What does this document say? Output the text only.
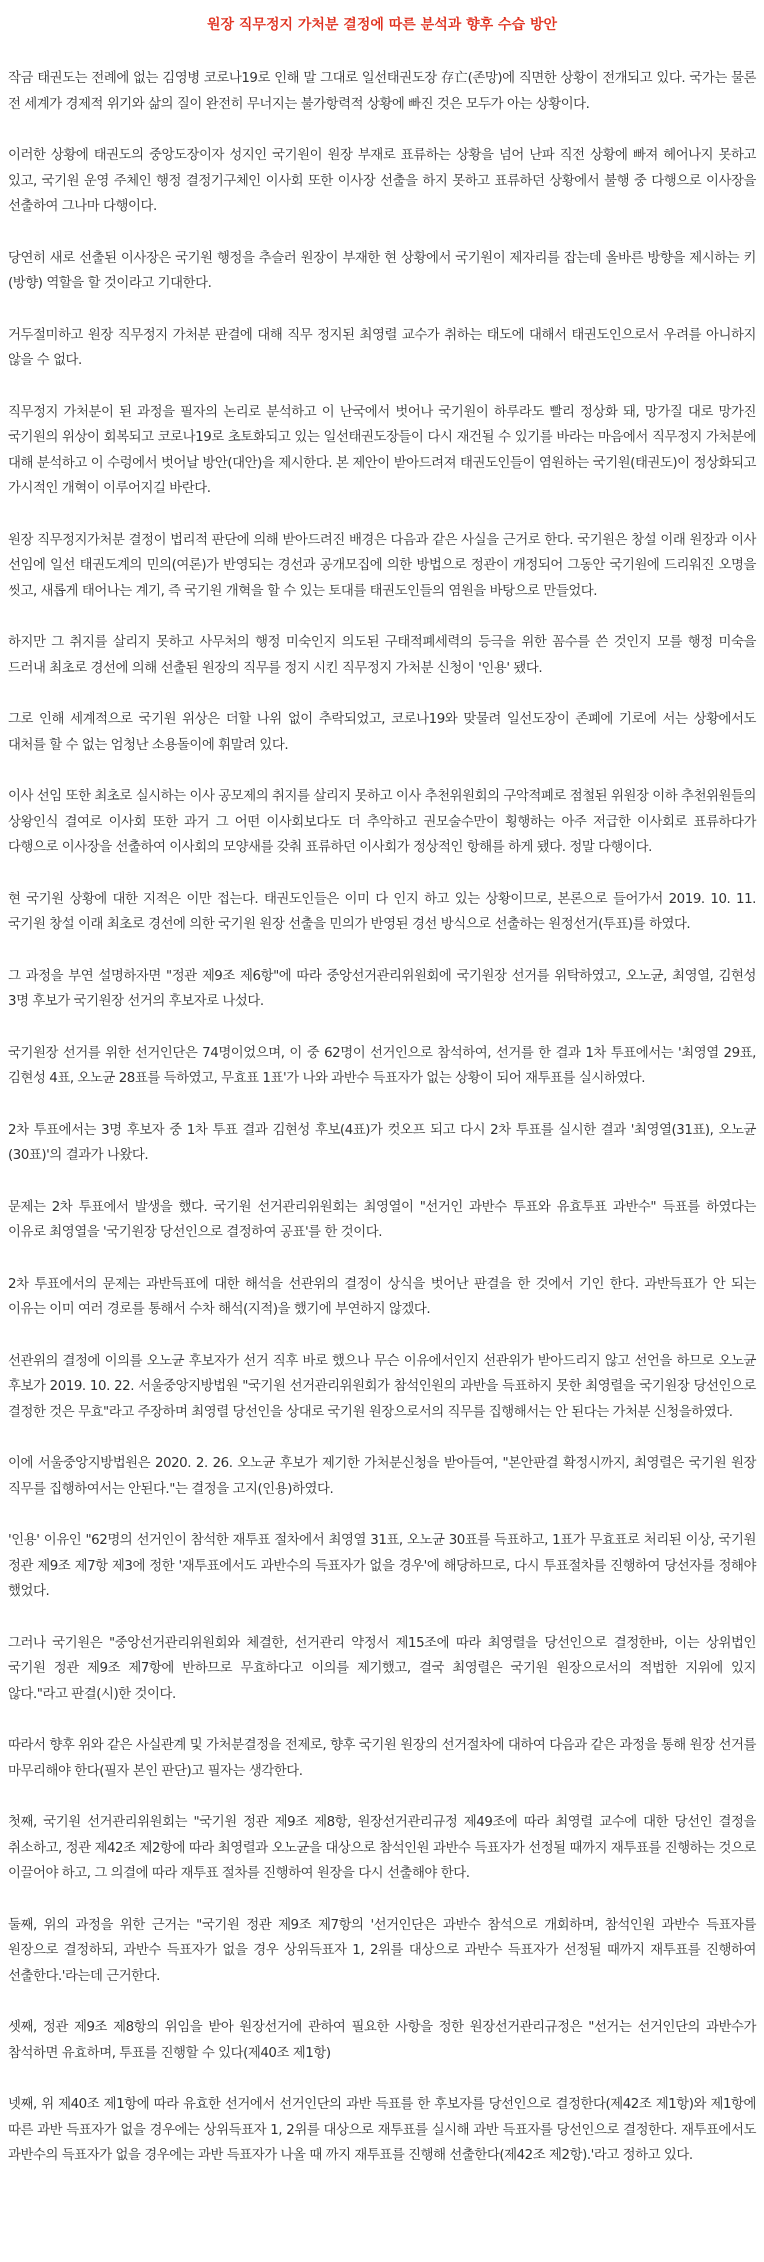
원장 직무정지 가처분 결정에 따른 분석과 향후 수습 방안

작금 태권도는 전례에 없는 김영병 코로나19로 인해 말 그대로 일선태권도장 存亡(존망)에 직면한 상황이 전개되고 있다. 국가는 물론 전 세계가 경제적 위기와 삶의 질이 완전히 무너지는 불가항력적 상황에 빠진 것은 모두가 아는 상황이다.

이러한 상황에 태권도의 중앙도장이자 성지인 국기원이 원장 부재로 표류하는 상황을 넘어 난파 직전 상황에 빠져 헤어나지 못하고 있고, 국기원 운영 주체인 행정 결정기구체인 이사회 또한 이사장 선출을 하지 못하고 표류하던 상황에서 불행 중 다행으로 이사장을 선출하여 그나마 다행이다.

당연히 새로 선출된 이사장은 국기원 행정을 추슬러 원장이 부재한 현 상황에서 국기원이 제자리를 잡는데 올바른 방향을 제시하는 키(방향) 역할을 할 것이라고 기대한다.

거두절미하고 원장 직무정지 가처분 판결에 대해 직무 정지된 최영렬 교수가 취하는 태도에 대해서 태권도인으로서 우려를 아니하지 않을 수 없다.

직무정지 가처분이 된 과정을 필자의 논리로 분석하고 이 난국에서 벗어나 국기원이 하루라도 빨리 정상화 돼, 망가질 대로 망가진 국기원의 위상이 회복되고 코로나19로 초토화되고 있는 일선태권도장들이 다시 재건될 수 있기를 바라는 마음에서 직무정지 가처분에 대해 분석하고 이 수렁에서 벗어날 방안(대안)을 제시한다. 본 제안이 받아드려져 태권도인들이 염원하는 국기원(태권도)이 정상화되고 가시적인 개혁이 이루어지길 바란다.

원장 직무정지가처분 결정이 법리적 판단에 의해 받아드려진 배경은 다음과 같은 사실을 근거로 한다. 국기원은 창설 이래 원장과 이사 선임에 일선 태권도계의 민의(여론)가 반영되는 경선과 공개모집에 의한 방법으로 정관이 개정되어 그동안 국기원에 드리워진 오명을 씻고, 새롭게 태어나는 계기, 즉 국기원 개혁을 할 수 있는 토대를 태권도인들의 염원을 바탕으로 만들었다.

하지만 그 취지를 살리지 못하고 사무처의 행정 미숙인지 의도된 구태적폐세력의 등극을 위한 꼼수를 쓴 것인지 모를 행정 미숙을 드러내 최초로 경선에 의해 선출된 원장의 직무를 정지 시킨 직무정지 가처분 신청이 '인용' 됐다.

그로 인해 세계적으로 국기원 위상은 더할 나위 없이 추락되었고, 코로나19와 맞물려 일선도장이 존폐에 기로에 서는 상황에서도 대처를 할 수 없는 엄청난 소용돌이에 휘말려 있다.

이사 선임 또한 최초로 실시하는 이사 공모제의 취지를 살리지 못하고 이사 추천위원회의 구악적폐로 점철된 위원장 이하 추천위원들의 상왕인식 결여로 이사회 또한 과거 그 어떤 이사회보다도 더 추악하고 권모술수만이 횡행하는 아주 저급한 이사회로 표류하다가 다행으로 이사장을 선출하여 이사회의 모양새를 갖춰 표류하던 이사회가 정상적인 항해를 하게 됐다. 정말 다행이다.

현 국기원 상황에 대한 지적은 이만 접는다. 태권도인들은 이미 다 인지 하고 있는 상황이므로, 본론으로 들어가서 2019. 10. 11. 국기원 창설 이래 최초로 경선에 의한 국기원 원장 선출을 민의가 반영된 경선 방식으로 선출하는 원정선거(투표)를 하였다.

그 과정을 부연 설명하자면 "정관 제9조 제6항"에 따라 중앙선거관리위원회에 국기원장 선거를 위탁하였고, 오노균, 최영열, 김현성 3명 후보가 국기원장 선거의 후보자로 나섰다.

국기원장 선거를 위한 선거인단은 74명이었으며, 이 중 62명이 선거인으로 참석하여, 선거를 한 결과 1차 투표에서는 '최영열 29표, 김현성 4표, 오노균 28표를 득하였고, 무효표 1표'가 나와 과반수 득표자가 없는 상황이 되어 재투표를 실시하였다.

2차 투표에서는 3명 후보자 중 1차 투표 결과 김현성 후보(4표)가 컷오프 되고 다시 2차 투표를 실시한 결과 '최영열(31표), 오노균(30표)'의 결과가 나왔다.

문제는 2차 투표에서 발생을 했다. 국기원 선거관리위원회는 최영열이 "선거인 과반수 투표와 유효투표 과반수" 득표를 하였다는 이유로 최영열을 '국기원장 당선인으로 결정하여 공표'를 한 것이다.

2차 투표에서의 문제는 과반득표에 대한 해석을 선관위의 결정이 상식을 벗어난 판결을 한 것에서 기인 한다. 과반득표가 안 되는 이유는 이미 여러 경로를 통해서 수차 해석(지적)을 했기에 부연하지 않겠다.

선관위의 결정에 이의를 오노균 후보자가 선거 직후 바로 했으나 무슨 이유에서인지 선관위가 받아드리지 않고 선언을 하므로 오노균 후보가 2019. 10. 22. 서울중앙지방법원 "국기원 선거관리위원회가 참석인원의 과반을 득표하지 못한 최영렬을 국기원장 당선인으로 결정한 것은 무효"라고 주장하며 최영렬 당선인을 상대로 국기원 원장으로서의 직무를 집행해서는 안 된다는 가처분 신청을하였다.

이에 서울중앙지방법원은 2020. 2. 26. 오노균 후보가 제기한 가처분신청을 받아들여, "본안판결 확정시까지, 최영렬은 국기원 원장 직무를 집행하여서는 안된다."는 결정을 고지(인용)하였다.

'인용' 이유인 "62명의 선거인이 참석한 재투표 절차에서 최영열 31표, 오노균 30표를 득표하고, 1표가 무효표로 처리된 이상, 국기원 정관 제9조 제7항 제3에 정한 '재투표에서도 과반수의 득표자가 없을 경우'에 해당하므로, 다시 투표절차를 진행하여 당선자를 정해야 했었다.

그러나 국기원은 "중앙선거관리위원회와 체결한, 선거관리 약정서 제15조에 따라 최영렬을 당선인으로 결정한바, 이는 상위법인 국기원 정관 제9조 제7항에 반하므로 무효하다고 이의를 제기했고, 결국 최영렬은 국기원 원장으로서의 적법한 지위에 있지 않다."라고 판결(시)한 것이다.

따라서 향후 위와 같은 사실관계 및 가처분결정을 전제로, 향후 국기원 원장의 선거절차에 대하여 다음과 같은 과정을 통해 원장 선거를 마무리해야 한다(필자 본인 판단)고 필자는 생각한다.

첫째, 국기원 선거관리위원회는 "국기원 정관 제9조 제8항, 원장선거관리규정 제49조에 따라 최영렬 교수에 대한 당선인 결정을 취소하고, 정관 제42조 제2항에 따라 최영렬과 오노균을 대상으로 참석인원 과반수 득표자가 선정될 때까지 재투표를 진행하는 것으로 이끌어야 하고, 그 의결에 따라 재투표 절차를 진행하여 원장을 다시 선출해야 한다.

둘째, 위의 과정을 위한 근거는 "국기원 정관 제9조 제7항의 '선거인단은 과반수 참석으로 개회하며, 참석인원 과반수 득표자를 원장으로 결정하되, 과반수 득표자가 없을 경우 상위득표자 1, 2위를 대상으로 과반수 득표자가 선정될 때까지 재투표를 진행하여 선출한다.'라는데 근거한다.

셋째, 정관 제9조 제8항의 위임을 받아 원장선거에 관하여 필요한 사항을 정한 원장선거관리규정은 "선거는 선거인단의 과반수가 참석하면 유효하며, 투표를 진행할 수 있다(제40조 제1항)

넷째, 위 제40조 제1항에 따라 유효한 선거에서 선거인단의 과반 득표를 한 후보자를 당선인으로 결정한다(제42조 제1항)와 제1항에 따른 과반 득표자가 없을 경우에는 상위득표자 1, 2위를 대상으로 재투표를 실시해 과반 득표자를 당선인으로 결정한다. 재투표에서도 과반수의 득표자가 없을 경우에는 과반 득표자가 나올 때 까지 재투표를 진행해 선출한다(제42조 제2항).'라고 정하고 있다.
